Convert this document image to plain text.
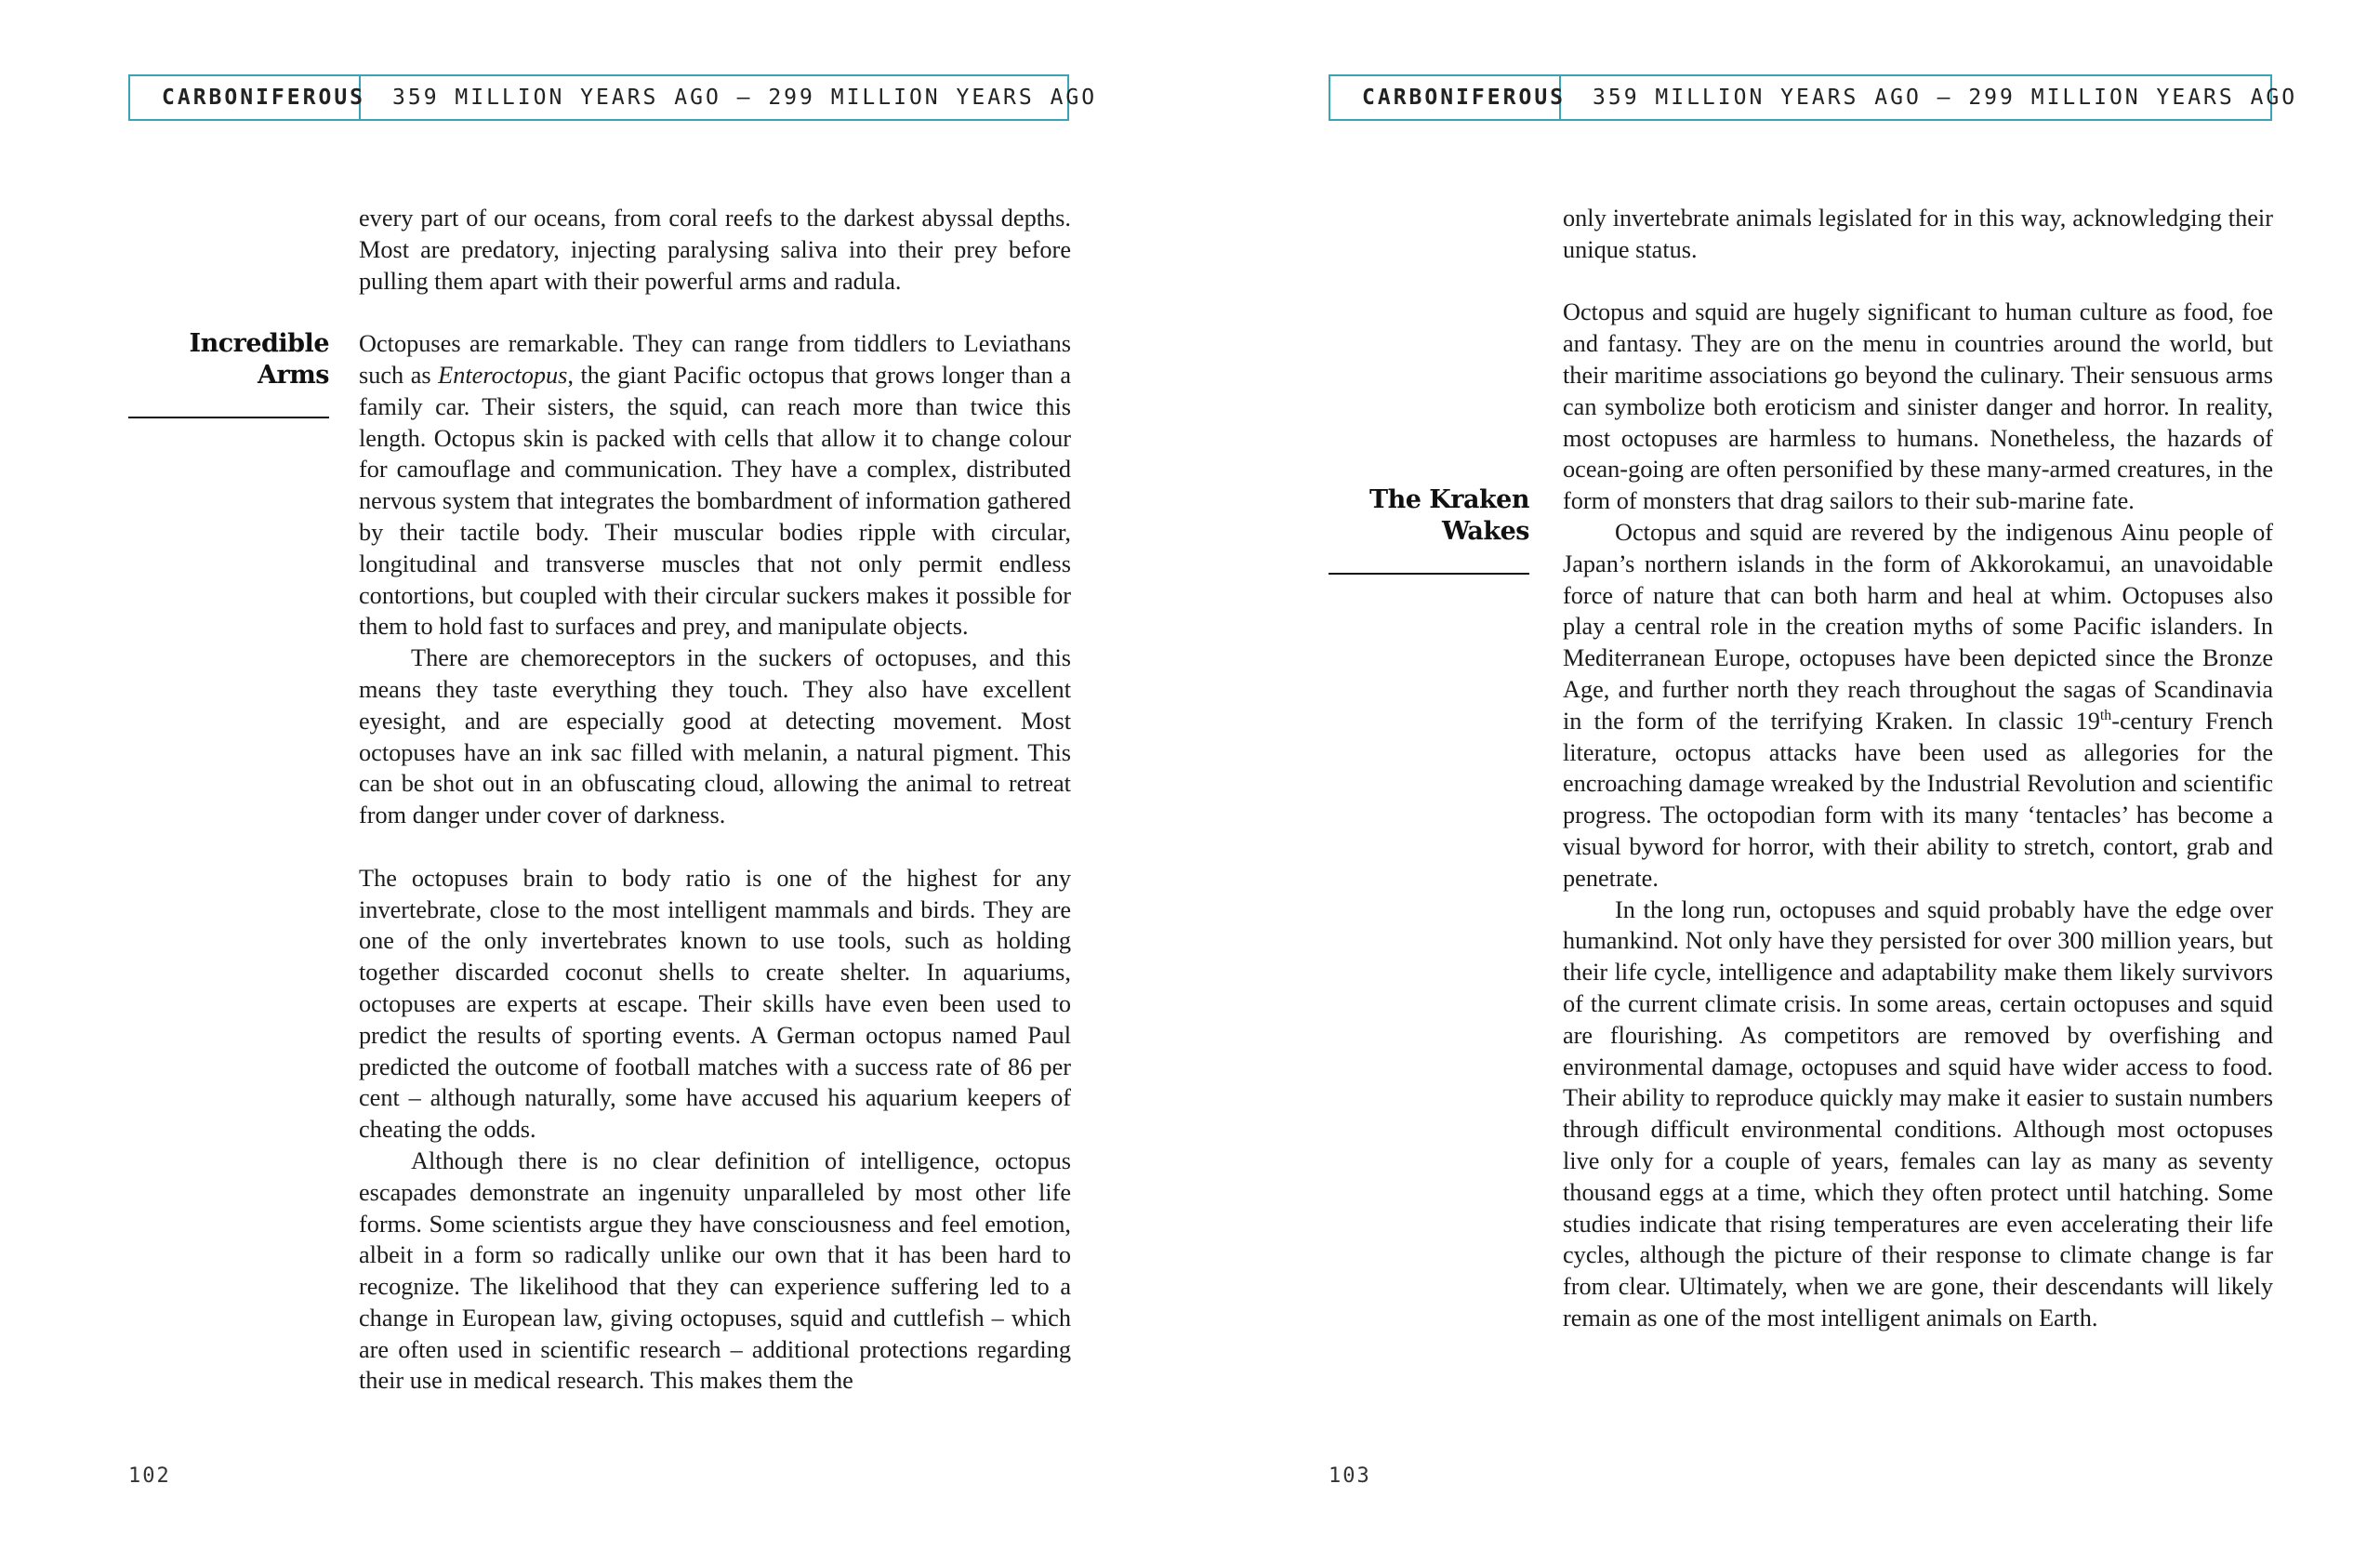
CARBONIFEROUS	359 MILLION YEARS AGO – 299 MILLION YEARS AGO
Incredible
Arms

every part of our oceans, from coral reefs to the darkest abyssal depths. Most are predatory, injecting paralysing saliva into their prey before pulling them apart with their powerful arms and radula.

Octopuses are remarkable. They can range from tiddlers to Leviathans such as Enteroctopus, the giant Pacific octopus that grows longer than a family car. Their sisters, the squid, can reach more than twice this length. Octopus skin is packed with cells that allow it to change colour for camouflage and communication. They have a complex, distributed nervous system that integrates the bombardment of information gathered by their tactile body. Their muscular bodies ripple with circular, longitudinal and transverse muscles that not only permit endless contortions, but coupled with their circular suckers makes it possible for them to hold fast to surfaces and prey, and manipulate objects.

There are chemoreceptors in the suckers of octopuses, and this means they taste everything they touch. They also have excellent eyesight, and are especially good at detecting movement. Most octopuses have an ink sac filled with melanin, a natural pigment. This can be shot out in an obfuscating cloud, allowing the animal to retreat from danger under cover of darkness.

The octopuses brain to body ratio is one of the highest for any invertebrate, close to the most intelligent mammals and birds. They are one of the only invertebrates known to use tools, such as holding together discarded coconut shells to create shelter. In aquariums, octopuses are experts at escape. Their skills have even been used to predict the results of sporting events. A German octopus named Paul predicted the outcome of football matches with a success rate of 86 per cent – although naturally, some have accused his aquarium keepers of cheating the odds.

Although there is no clear definition of intelligence, octopus escapades demonstrate an ingenuity unparalleled by most other life forms. Some scientists argue they have consciousness and feel emotion, albeit in a form so radically unlike our own that it has been hard to recognize. The likelihood that they can experience suffering led to a change in European law, giving octopuses, squid and cuttlefish – which are often used in scientific research – additional protections regarding their use in medical research. This makes them the

102
CARBONIFEROUS	359 MILLION YEARS AGO – 299 MILLION YEARS AGO
The Kraken
Wakes

only invertebrate animals legislated for in this way, acknowledging their unique status.

Octopus and squid are hugely significant to human culture as food, foe and fantasy. They are on the menu in countries around the world, but their maritime associations go beyond the culinary. Their sensuous arms can symbolize both eroticism and sinister danger and horror. In reality, most octopuses are harmless to humans. Nonetheless, the hazards of ocean-going are often personified by these many-armed creatures, in the form of monsters that drag sailors to their sub-marine fate.

Octopus and squid are revered by the indigenous Ainu people of Japan’s northern islands in the form of Akkorokamui, an unavoidable force of nature that can both harm and heal at whim. Octopuses also play a central role in the creation myths of some Pacific islanders. In Mediterranean Europe, octopuses have been depicted since the Bronze Age, and further north they reach throughout the sagas of Scandinavia in the form of the terrifying Kraken. In classic 19th-century French literature, octopus attacks have been used as allegories for the encroaching damage wreaked by the Industrial Revolution and scientific progress. The octopodian form with its many ‘tentacles’ has become a visual byword for horror, with their ability to stretch, contort, grab and penetrate.

In the long run, octopuses and squid probably have the edge over humankind. Not only have they persisted for over 300 million years, but their life cycle, intelligence and adaptability make them likely survivors of the current climate crisis. In some areas, certain octopuses and squid are flourishing. As competitors are removed by overfishing and environmental damage, octopuses and squid have wider access to food. Their ability to reproduce quickly may make it easier to sustain numbers through difficult environmental conditions. Although most octopuses live only for a couple of years, females can lay as many as seventy thousand eggs at a time, which they often protect until hatching. Some studies indicate that rising temperatures are even accelerating their life cycles, although the picture of their response to climate change is far from clear. Ultimately, when we are gone, their descendants will likely remain as one of the most intelligent animals on Earth.

103
